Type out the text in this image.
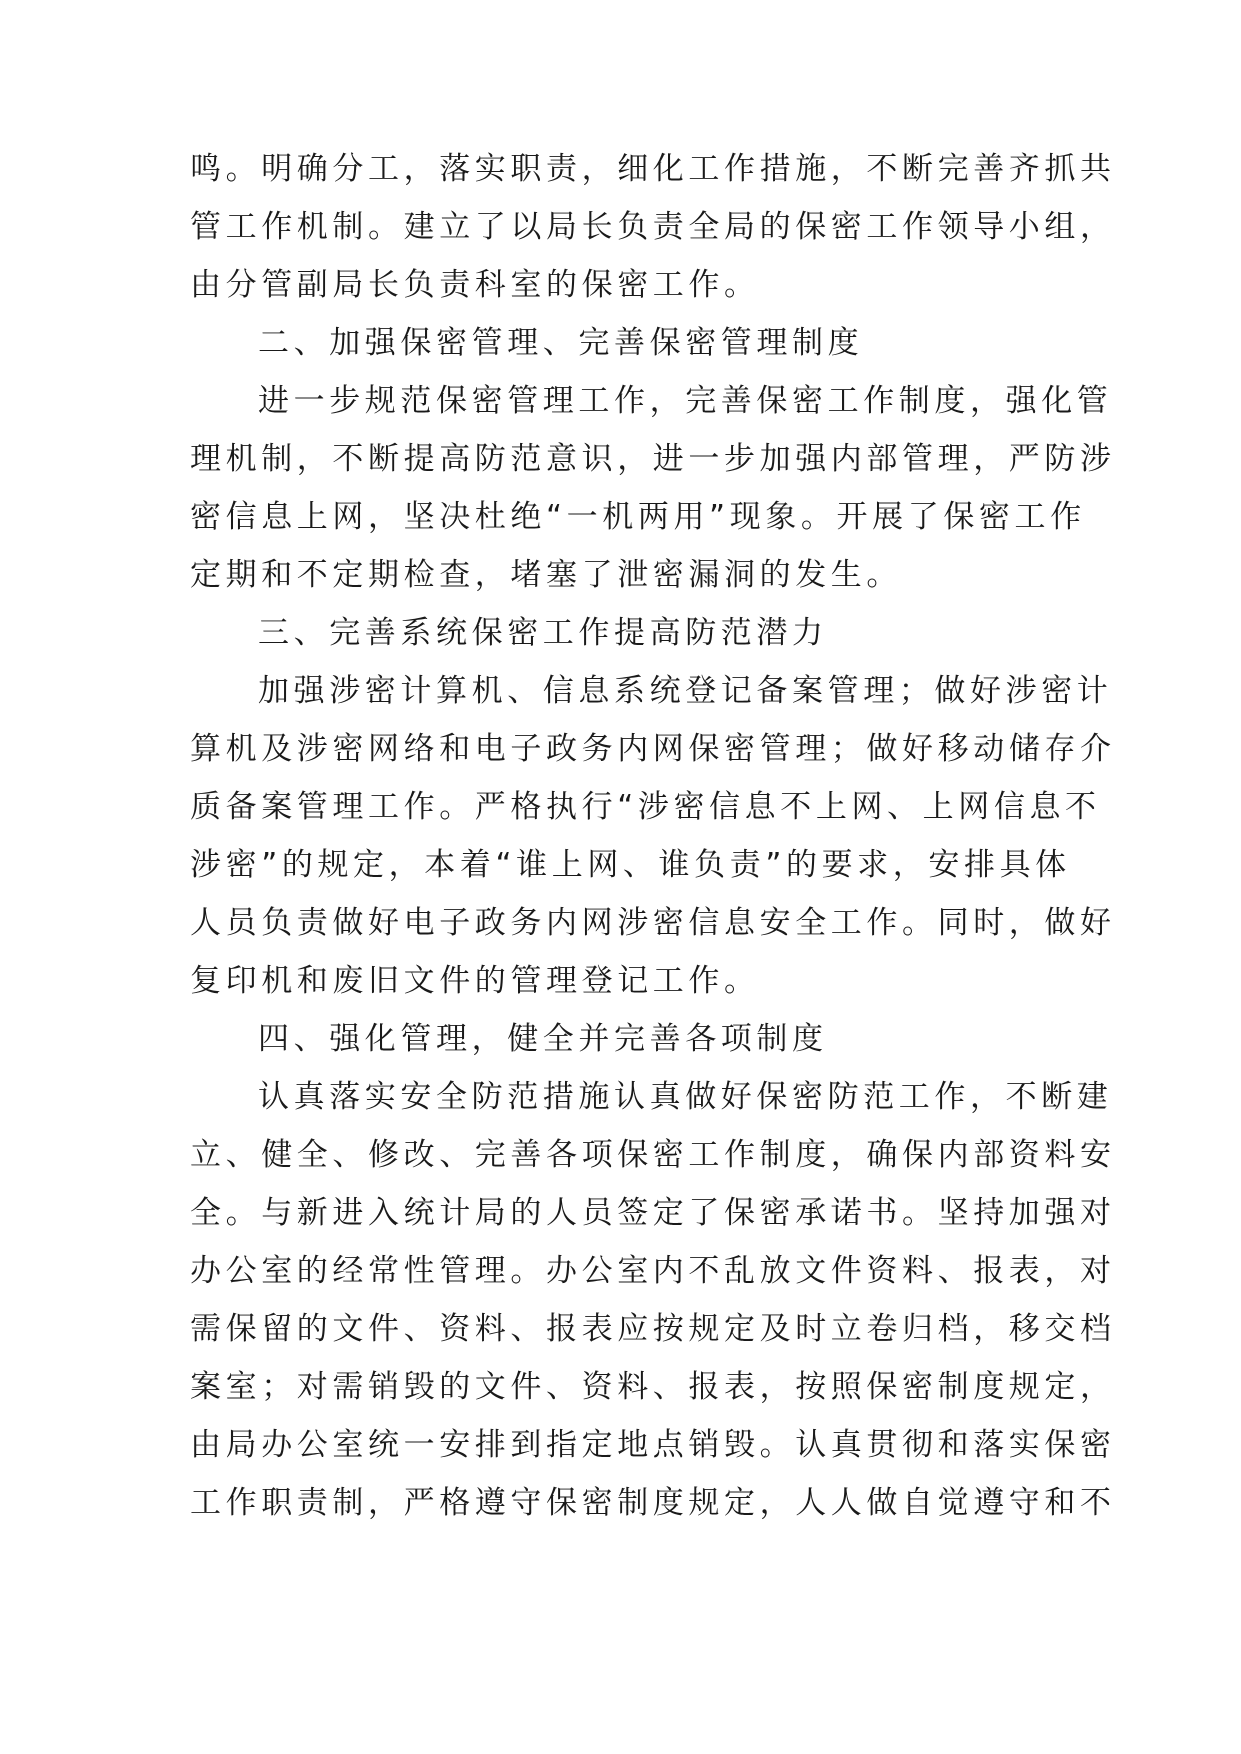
鸣。明确分工，落实职责，细化工作措施，不断完善齐抓共
管工作机制。建立了以局长负责全局的保密工作领导小组，
由分管副局长负责科室的保密工作。
二、加强保密管理、完善保密管理制度
进一步规范保密管理工作，完善保密工作制度，强化管
理机制，不断提高防范意识，进一步加强内部管理，严防涉
密信息上网，坚决杜绝“一机两用”现象。开展了保密工作
定期和不定期检查，堵塞了泄密漏洞的发生。
三、完善系统保密工作提高防范潜力
加强涉密计算机、信息系统登记备案管理；做好涉密计
算机及涉密网络和电子政务内网保密管理；做好移动储存介
质备案管理工作。严格执行“涉密信息不上网、上网信息不
涉密”的规定，本着“谁上网、谁负责”的要求，安排具体
人员负责做好电子政务内网涉密信息安全工作。同时，做好
复印机和废旧文件的管理登记工作。
四、强化管理，健全并完善各项制度
认真落实安全防范措施认真做好保密防范工作，不断建
立、健全、修改、完善各项保密工作制度，确保内部资料安
全。与新进入统计局的人员签定了保密承诺书。坚持加强对
办公室的经常性管理。办公室内不乱放文件资料、报表，对
需保留的文件、资料、报表应按规定及时立卷归档，移交档
案室；对需销毁的文件、资料、报表，按照保密制度规定，
由局办公室统一安排到指定地点销毁。认真贯彻和落实保密
工作职责制，严格遵守保密制度规定，人人做自觉遵守和不
